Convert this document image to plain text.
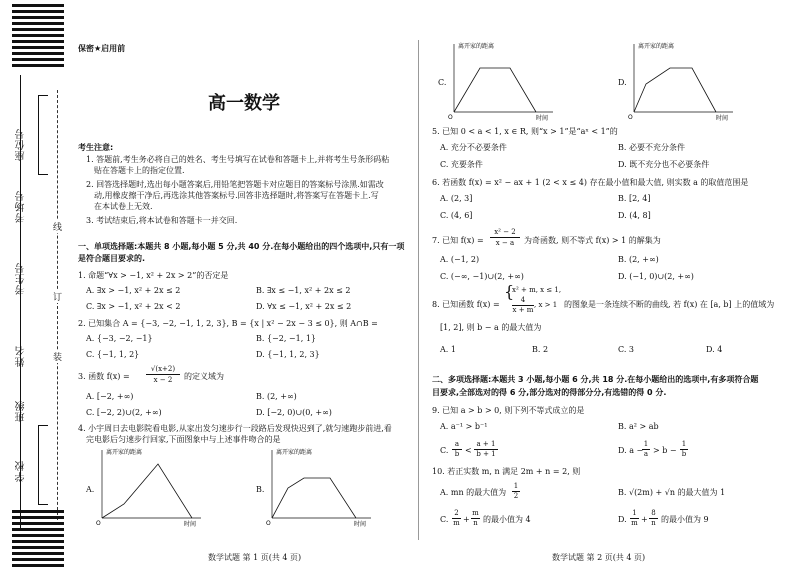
座位号
考场号
考生号
姓名
班级
学校
线
订
装
保密★启用前
高一数学
考生注意:
1. 答题前,考生务必将自己的姓名、考生号填写在试卷和答题卡上,并将考生号条形码粘
贴在答题卡上的指定位置.
2. 回答选择题时,选出每小题答案后,用铅笔把答题卡对应题目的答案标号涂黑.如需改
动,用橡皮擦干净后,再选涂其他答案标号.回答非选择题时,将答案写在答题卡上.写
在本试卷上无效.
3. 考试结束后,将本试卷和答题卡一并交回.
一、单项选择题:本题共 8 小题,每小题 5 分,共 40 分.在每小题给出的四个选项中,只有一项
是符合题目要求的.
1. 命题“∀x > −1, x² + 2x > 2”的否定是
A. ∃x > −1, x² + 2x ≤ 2	B. ∃x ≤ −1, x² + 2x ≤ 2
C. ∃x > −1, x² + 2x < 2	D. ∀x ≤ −1, x² + 2x ≤ 2
2. 已知集合 A = {−3, −2, −1, 1, 2, 3}, B = {x | x² − 2x − 3 ≤ 0}, 则 A∩B =
A. {−3, −2, −1}	B. {−2, −1, 1}
C. {−1, 1, 2}	D. {−1, 1, 2, 3}
3. 函数 f(x) =
√(x+2)
x − 2	的定义域为
A. [−2, +∞)	B. (2, +∞)
C. [−2, 2)∪(2, +∞)	D. [−2, 0)∪(0, +∞)
4. 小宇周日去电影院看电影,从家出发匀速步行一段路后发现快迟到了,就匀速跑步前进,看
完电影后匀速步行回家,下面图象中与上述事件吻合的是
A.
离开家的距离
O	时间
B.
离开家的距离
O	时间
数学试题 第 1 页(共 4 页)
C.
离开家的距离
O	时间
D.
离开家的距离
O	时间
5. 已知 0 < a < 1, x ∈ R, 则“x > 1”是“aˣ < 1”的
A. 充分不必要条件	B. 必要不充分条件
C. 充要条件	D. 既不充分也不必要条件
6. 若函数 f(x) = x² − ax + 1 (2 < x ≤ 4) 存在最小值和最大值, 则实数 a 的取值范围是
A. (2, 3]	B. [2, 4]
C. (4, 6]	D. (4, 8]
7. 已知 f(x) =
x² − 2
x − a	为奇函数, 则不等式 f(x) > 1 的解集为
A. (−1, 2)	B. (2, +∞)
C. (−∞, −1)∪(2, +∞)	D. (−1, 0)∪(2, +∞)
8. 已知函数 f(x) =
{
x² + m, x ≤ 1,
4
x + m
, x > 1 的图象是一条连续不断的曲线, 若 f(x) 在 [a, b] 上的值域为
[1, 2], 则 b − a 的最大值为
A. 1	B. 2	C. 3	D. 4
二、多项选择题:本题共 3 小题,每小题 6 分,共 18 分.在每小题给出的选项中,有多项符合题
目要求,全部选对的得 6 分,部分选对的得部分分,有选错的得 0 分.
9. 已知 a > b > 0, 则下列不等式成立的是
A. a⁻¹ > b⁻¹	B. a² > ab
C.
a
b <
a + 1
b + 1	D. a −
1
a > b −
1
b
10. 若正实数 m, n 满足 2m + n = 2, 则
A. mn 的最大值为
1
2	B. √(2m) + √n 的最大值为 1
C.
2
m +
m
n 的最小值为 4	D.
1
m +
8
n 的最小值为 9
数学试题 第 2 页(共 4 页)
